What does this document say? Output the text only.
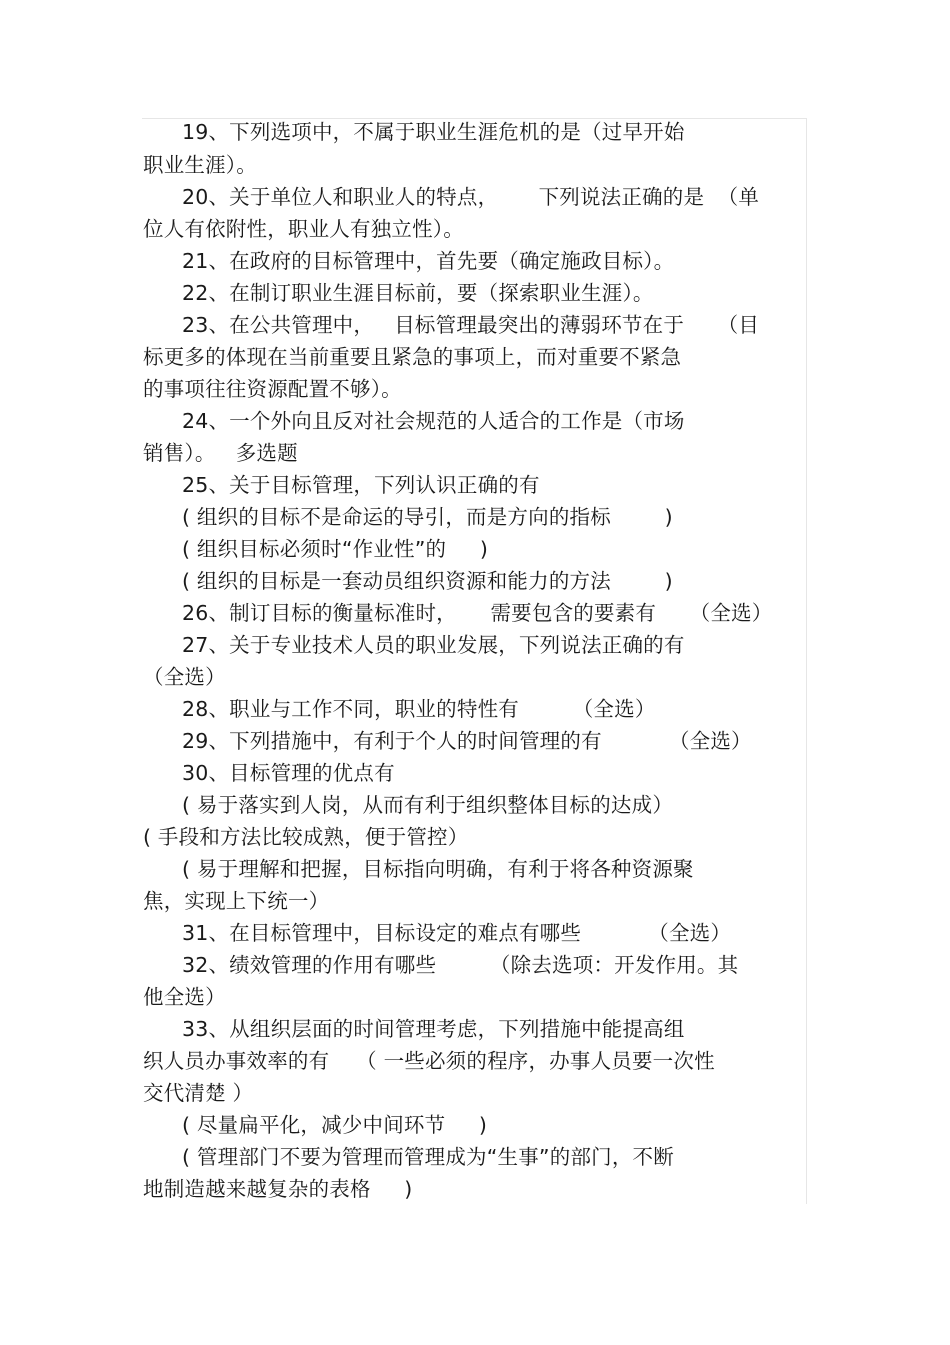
19、下列选项中，不属于职业生涯危机的是（过早开始
职业生涯）。
20、关于单位人和职业人的特点，      下列说法正确的是  （单
位人有依附性，职业人有独立性）。
21、在政府的目标管理中，首先要（确定施政目标）。
22、在制订职业生涯目标前，要（探索职业生涯）。
23、在公共管理中，   目标管理最突出的薄弱环节在于     （目
标更多的体现在当前重要且紧急的事项上，而对重要不紧急
的事项往往资源配置不够）。
24、一个外向且反对社会规范的人适合的工作是（市场
销售）。   多选题
25、关于目标管理，下列认识正确的有
( 组织的目标不是命运的导引，而是方向的指标        )
( 组织目标必须时“作业性”的     )
( 组织的目标是一套动员组织资源和能力的方法        )
26、制订目标的衡量标准时，     需要包含的要素有     （全选）
27、关于专业技术人员的职业发展，下列说法正确的有
（全选）
28、职业与工作不同，职业的特性有        （全选）
29、下列措施中，有利于个人的时间管理的有          （全选）
30、目标管理的优点有
( 易于落实到人岗，从而有利于组织整体目标的达成）
( 手段和方法比较成熟，便于管控）
( 易于理解和把握，目标指向明确，有利于将各种资源聚
焦，实现上下统一）
31、在目标管理中，目标设定的难点有哪些          （全选）
32、绩效管理的作用有哪些        （除去选项：开发作用。其
他全选）
33、从组织层面的时间管理考虑，下列措施中能提高组
织人员办事效率的有    （ 一些必须的程序，办事人员要一次性
交代清楚 ）
( 尽量扁平化，减少中间环节     )
( 管理部门不要为管理而管理成为“生事”的部门，不断
地制造越来越复杂的表格     )
